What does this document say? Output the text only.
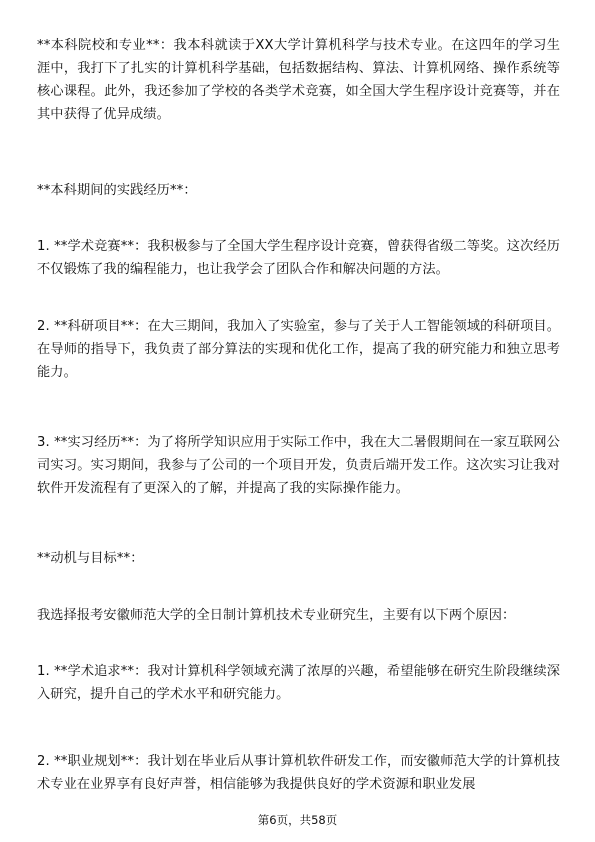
**本科院校和专业**：我本科就读于XX大学计算机科学与技术专业。在这四年的学习生涯中，我打下了扎实的计算机科学基础，包括数据结构、算法、计算机网络、操作系统等核心课程。此外，我还参加了学校的各类学术竞赛，如全国大学生程序设计竞赛等，并在其中获得了优异成绩。

**本科期间的实践经历**：

1. **学术竞赛**：我积极参与了全国大学生程序设计竞赛，曾获得省级二等奖。这次经历不仅锻炼了我的编程能力，也让我学会了团队合作和解决问题的方法。

2. **科研项目**：在大三期间，我加入了实验室，参与了关于人工智能领域的科研项目。在导师的指导下，我负责了部分算法的实现和优化工作，提高了我的研究能力和独立思考能力。

3. **实习经历**：为了将所学知识应用于实际工作中，我在大二暑假期间在一家互联网公司实习。实习期间，我参与了公司的一个项目开发，负责后端开发工作。这次实习让我对软件开发流程有了更深入的了解，并提高了我的实际操作能力。

**动机与目标**：

我选择报考安徽师范大学的全日制计算机技术专业研究生，主要有以下两个原因：

1. **学术追求**：我对计算机科学领域充满了浓厚的兴趣，希望能够在研究生阶段继续深入研究，提升自己的学术水平和研究能力。

2. **职业规划**：我计划在毕业后从事计算机软件研发工作，而安徽师范大学的计算机技术专业在业界享有良好声誉，相信能够为我提供良好的学术资源和职业发展

第6页，共58页
